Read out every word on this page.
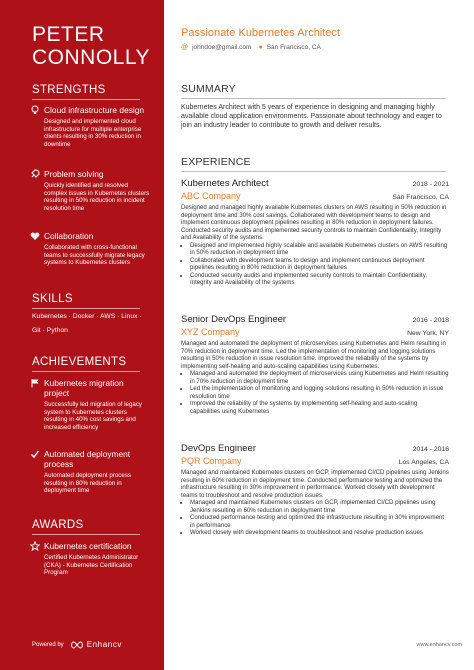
PETER
CONNOLLY
STRENGTHS
Cloud infrastructure design
Designed and implemented cloud infrastructure for multiple enterprise clients resulting in 30% reduction in downtime
Problem solving
Quickly identified and resolved complex issues in Kubernetes clusters resulting in 50% reduction in incident resolution time
Collaboration
Collaborated with cross-functional teams to successfully migrate legacy systems to Kubernetes clusters
SKILLS
Kubernetes · Docker · AWS · Linux ·
Git · Python
ACHIEVEMENTS
Kubernetes migration project
Successfully led migration of legacy system to Kubernetes clusters resulting in 40% cost savings and increased efficiency
Automated deployment process
Automated deployment process resulting in 80% reduction in deployment time
AWARDS
Kubernetes certification
Certified Kubernetes Administrator (CKA) - Kubernetes Certification Program
Powered by	Enhancv
Passionate Kubernetes Architect
@ johndoe@gmail.com ● San Francisco, CA
SUMMARY
Kubernetes Architect with 5 years of experience in designing and managing highly available cloud application environments. Passionate about technology and eager to join an industry leader to contribute to growth and deliver results.
EXPERIENCE
Kubernetes Architect	2018 - 2021
ABC Company	San Francisco, CA
Designed and managed highly available Kubernetes clusters on AWS resulting in 50% reduction in deployment time and 30% cost savings. Collaborated with development teams to design and implement continuous deployment pipelines resulting in 80% reduction in deployment failures. Conducted security audits and implemented security controls to maintain Confidentiality, Integrity and Availability of the systems.
• Designed and implemented highly scalable and available Kubernetes clusters on AWS resulting in 50% reduction in deployment time
• Collaborated with development teams to design and implement continuous deployment pipelines resulting in 80% reduction in deployment failures
• Conducted security audits and implemented security controls to maintain Confidentiality, Integrity and Availability of the systems
Senior DevOps Engineer	2016 - 2018
XYZ Company	New York, NY
Managed and automated the deployment of microservices using Kubernetes and Helm resulting in 70% reduction in deployment time. Led the implementation of monitoring and logging solutions resulting in 50% reduction in issue resolution time. Improved the reliability of the systems by implementing self-healing and auto-scaling capabilities using Kubernetes.
• Managed and automated the deployment of microservices using Kubernetes and Helm resulting in 70% reduction in deployment time
• Led the implementation of monitoring and logging solutions resulting in 50% reduction in issue resolution time
• Improved the reliability of the systems by implementing self-healing and auto-scaling capabilities using Kubernetes
DevOps Engineer	2014 - 2016
PQR Company	Los Angeles, CA
Managed and maintained Kubernetes clusters on GCP, implemented CI/CD pipelines using Jenkins resulting in 60% reduction in deployment time. Conducted performance testing and optimized the infrastructure resulting in 30% improvement in performance. Worked closely with development teams to troubleshoot and resolve production issues.
• Managed and maintained Kubernetes clusters on GCP, implemented CI/CD pipelines using Jenkins resulting in 60% reduction in deployment time
• Conducted performance testing and optimized the infrastructure resulting in 30% improvement in performance
• Worked closely with development teams to troubleshoot and resolve production issues
www.enhancv.com
